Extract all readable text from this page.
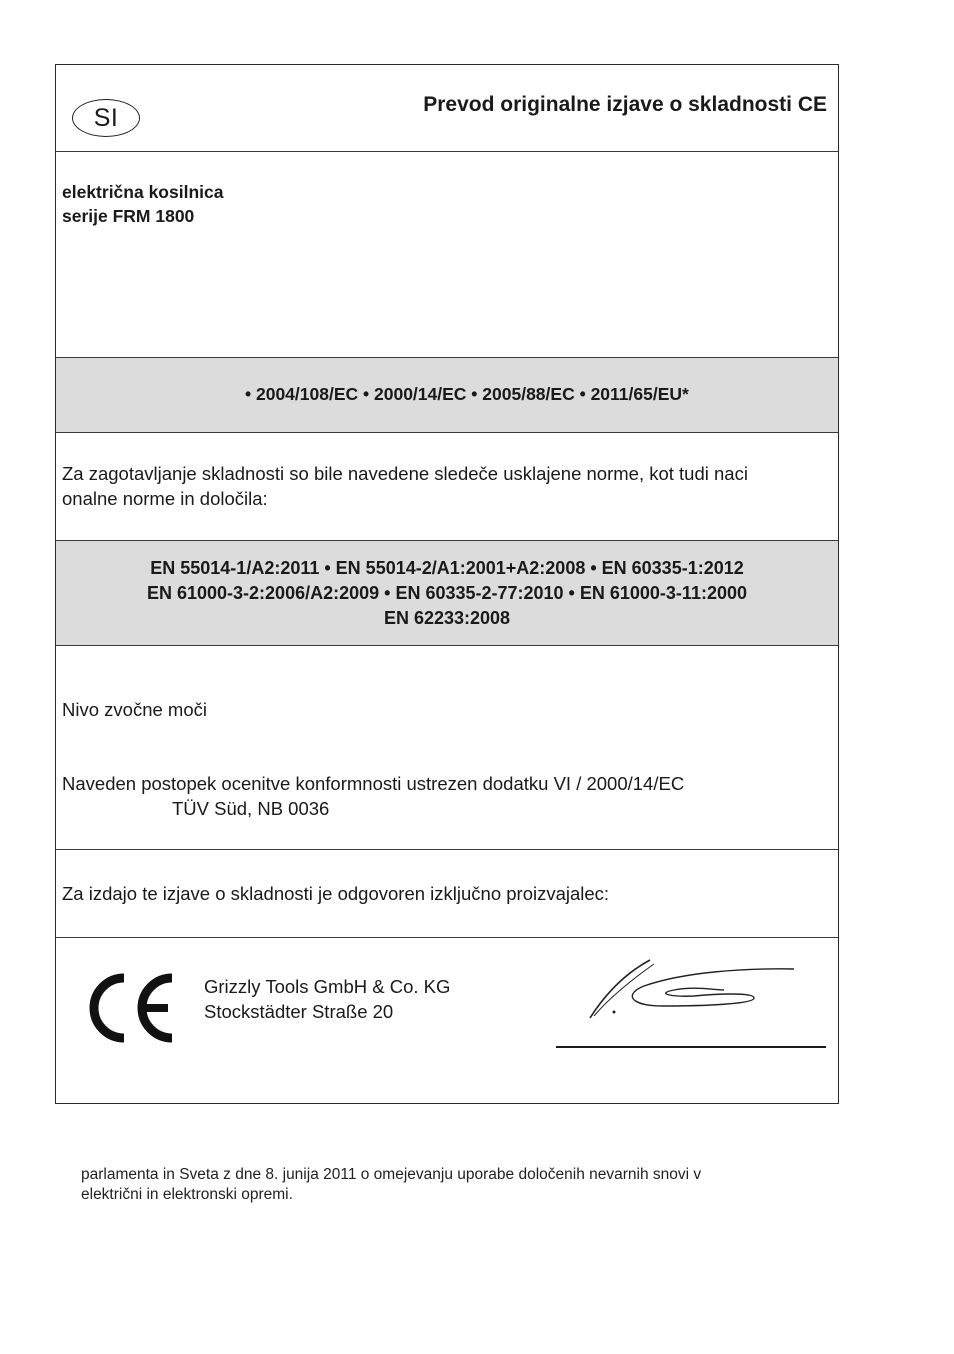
SI	Prevod originalne izjave o skladnosti CE
električna kosilnica
serije FRM 1800
• 2004/108/EC • 2000/14/EC • 2005/88/EC • 2011/65/EU*
Za zagotavljanje skladnosti so bile navedene sledeče usklajene norme, kot tudi naci
onalne norme in določila:
EN 55014-1/A2:2011 • EN 55014-2/A1:2001+A2:2008 • EN 60335-1:2012
EN 61000-3-2:2006/A2:2009 • EN 60335-2-77:2010 • EN 61000-3-11:2000
EN 62233:2008
Nivo zvočne moči
Naveden postopek ocenitve konformnosti ustrezen dodatku VI / 2000/14/EC
TÜV Süd, NB 0036
Za izdajo te izjave o skladnosti je odgovoren izključno proizvajalec:
Grizzly Tools GmbH & Co. KG
Stockstädter Straße 20
parlamenta in Sveta z dne 8. junija 2011 o omejevanju uporabe določenih nevarnih snovi v
električni in elektronski opremi.
